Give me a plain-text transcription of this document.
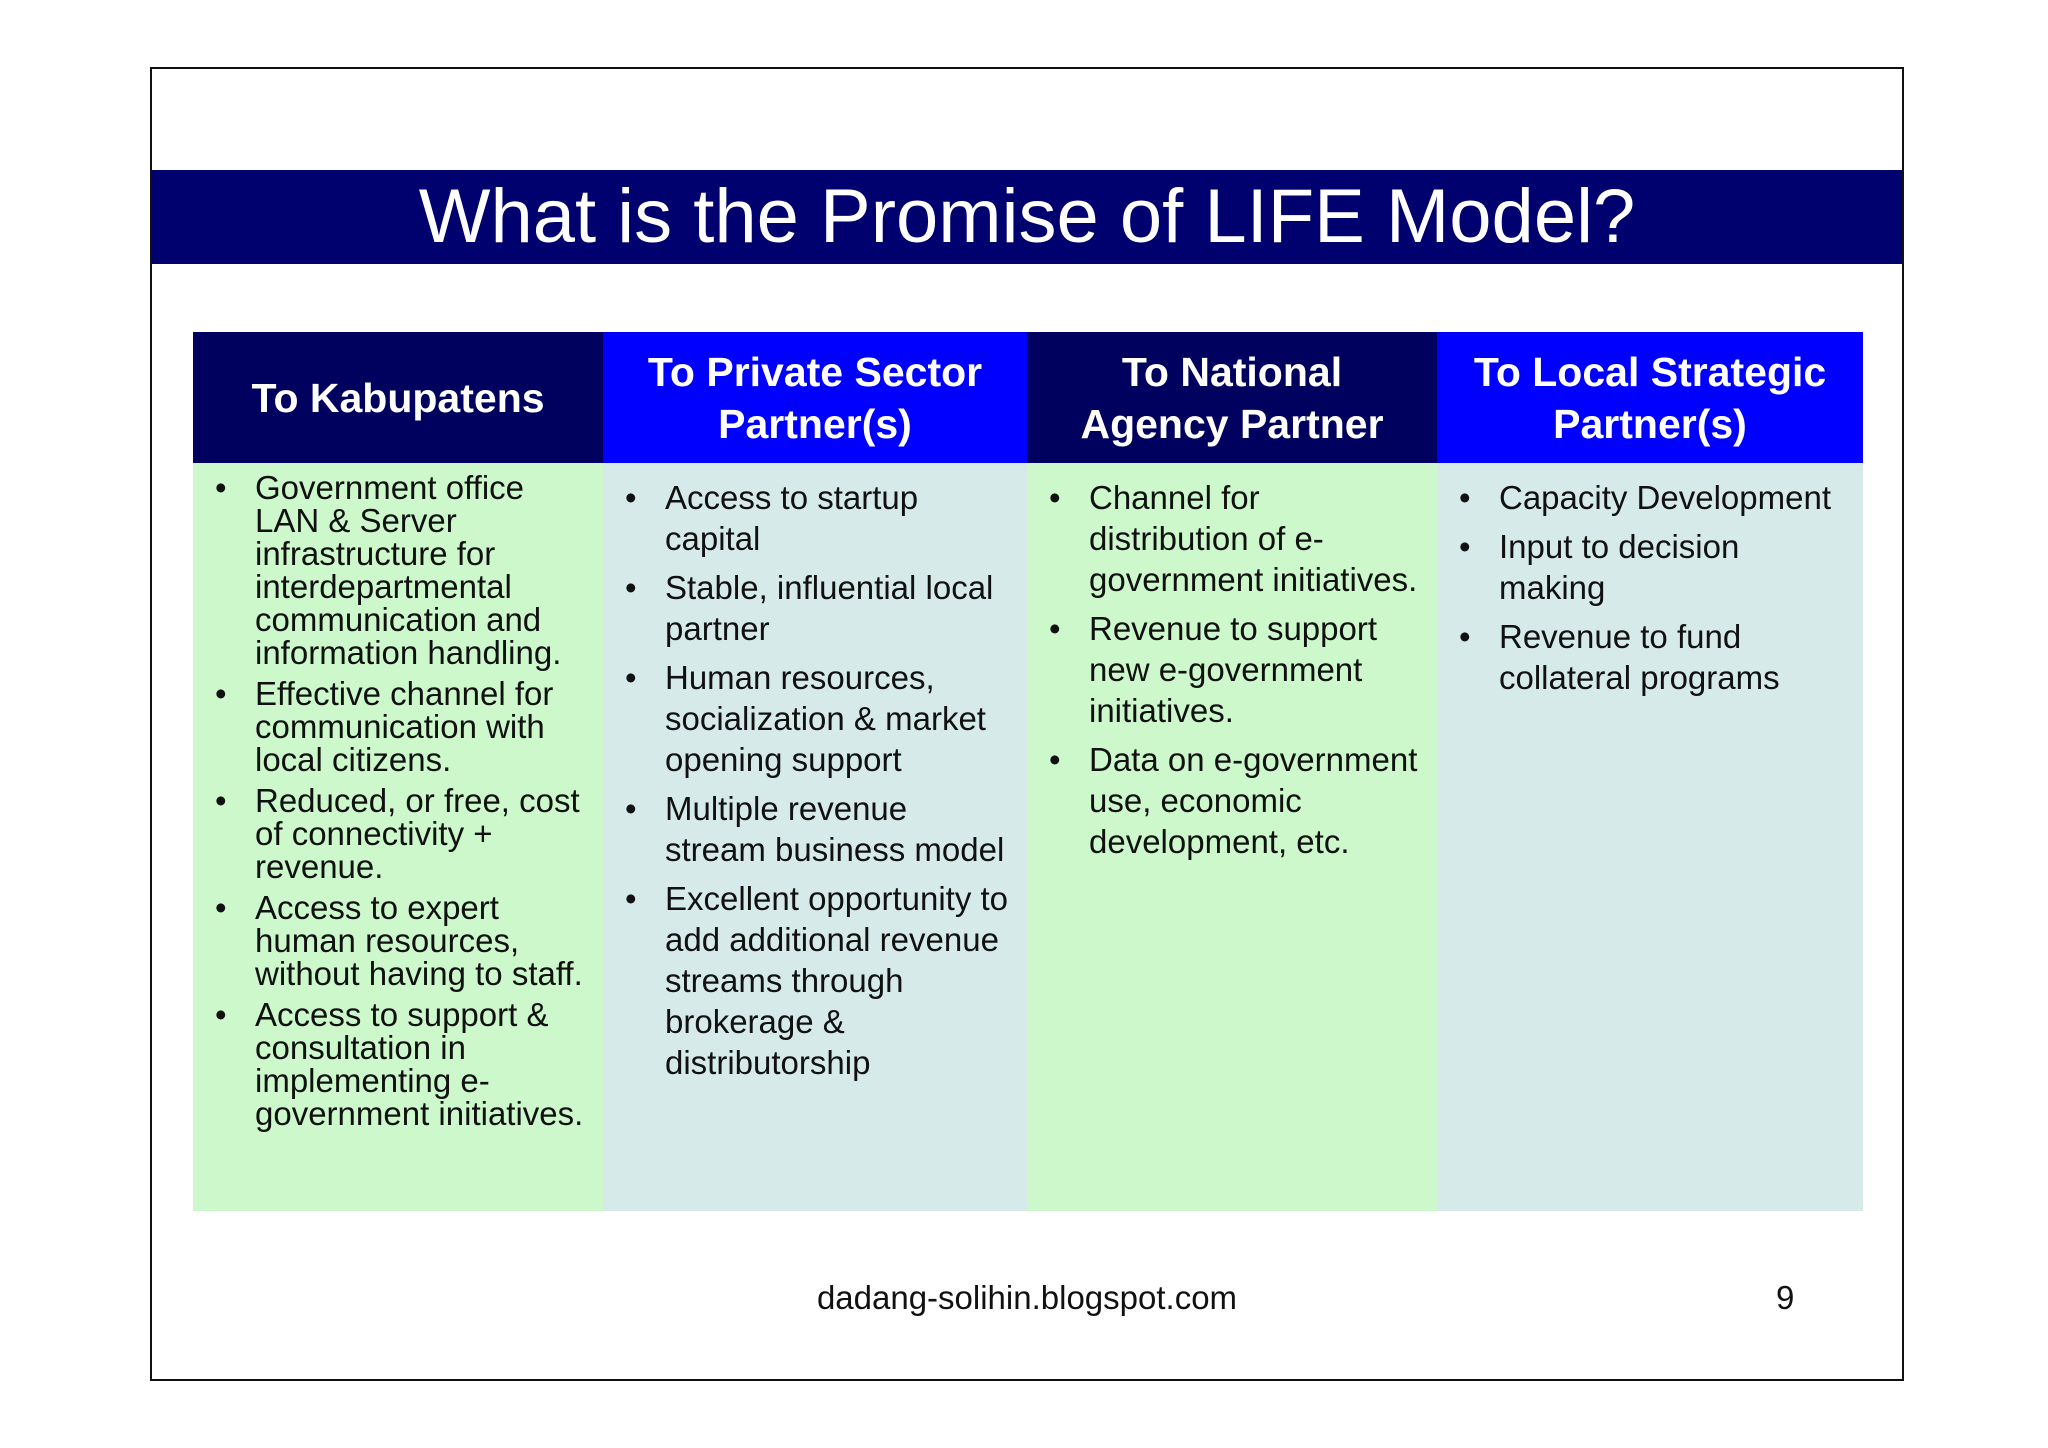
What is the Promise of LIFE Model?
To Kabupatens
To Private Sector Partner(s)
To National Agency Partner
To Local Strategic Partner(s)
• Government office LAN & Server infrastructure for interdepartmental communication and information handling.
• Effective channel for communication with local citizens.
• Reduced, or free, cost of connectivity + revenue.
• Access to expert human resources, without having to staff.
• Access to support & consultation in implementing e-government initiatives.
• Access to startup capital
• Stable, influential local partner
• Human resources, socialization & market opening support
• Multiple revenue stream business model
• Excellent opportunity to add additional revenue streams through brokerage & distributorship
• Channel for distribution of e-government initiatives.
• Revenue to support new e-government initiatives.
• Data on e-government use, economic development, etc.
• Capacity Development
• Input to decision making
• Revenue to fund collateral programs
dadang-solihin.blogspot.com	9
